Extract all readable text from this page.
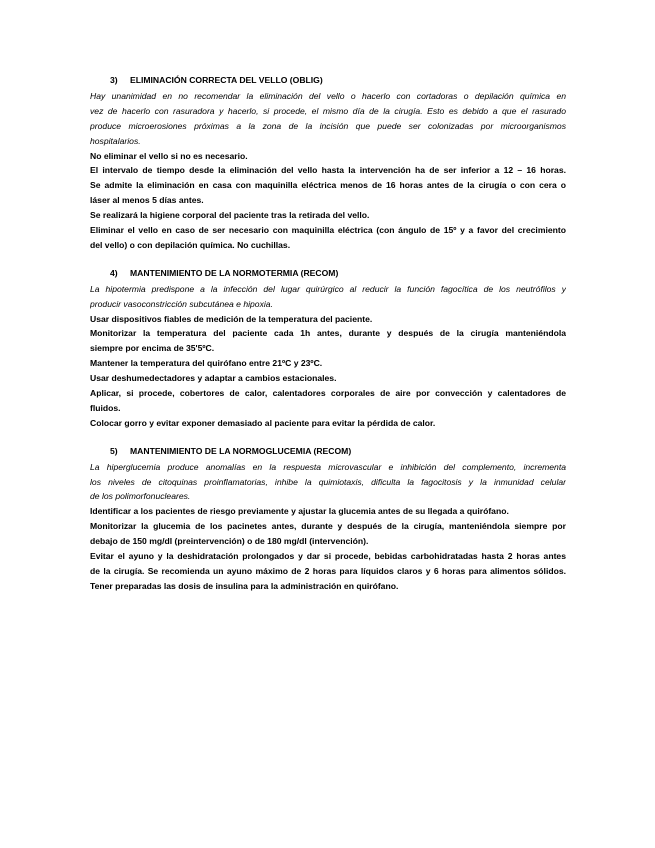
3) ELIMINACIÓN CORRECTA DEL VELLO (OBLIG)
Hay unanimidad en no recomendar la eliminación del vello o hacerlo con cortadoras o depilación química en
vez de hacerlo con rasuradora y hacerlo, si procede, el mismo día de la cirugía. Esto es debido a que el rasurado
produce microerosiones próximas a la zona de la incisión que puede ser colonizadas por microorganismos
hospitalarios.
No eliminar el vello si no es necesario.
El intervalo de tiempo desde la eliminación del vello hasta la intervención ha de ser inferior a 12 – 16 horas.
Se admite la eliminación en casa con maquinilla eléctrica menos de 16 horas antes de la cirugía o con cera o
láser al menos 5 días antes.
Se realizará la higiene corporal del paciente tras la retirada del vello.
Eliminar el vello en caso de ser necesario con maquinilla eléctrica (con ángulo de 15º y a favor del crecimiento
del vello) o con depilación química. No cuchillas.
4) MANTENIMIENTO DE LA NORMOTERMIA (RECOM)
La hipotermia predispone a la infección del lugar quirúrgico al reducir la función fagocítica de los neutrófilos y
producir vasoconstricción subcutánea e hipoxia.
Usar dispositivos fiables de medición de la temperatura del paciente.
Monitorizar la temperatura del paciente cada 1h antes, durante y después de la cirugía manteniéndola
siempre por encima de 35'5ºC.
Mantener la temperatura del quirófano entre 21ºC y 23ºC.
Usar deshumedectadores y adaptar a cambios estacionales.
Aplicar, si procede, cobertores de calor, calentadores corporales de aire por convección y calentadores de
fluidos.
Colocar gorro y evitar exponer demasiado al paciente para evitar la pérdida de calor.
5) MANTENIMIENTO DE LA NORMOGLUCEMIA (RECOM)
La hiperglucemia produce anomalías en la respuesta microvascular e inhibición del complemento, incrementa
los niveles de citoquinas proinflamatorias, inhibe la quimiotaxis, dificulta la fagocitosis y la inmunidad celular
de los polimorfonucleares.
Identificar a los pacientes de riesgo previamente y ajustar la glucemia antes de su llegada a quirófano.
Monitorizar la glucemia de los pacinetes antes, durante y después de la cirugía, manteniéndola siempre por
debajo de 150 mg/dl (preintervención) o de 180 mg/dl (intervención).
Evitar el ayuno y la deshidratación prolongados y dar si procede, bebidas carbohidratadas hasta 2 horas antes
de la cirugía. Se recomienda un ayuno máximo de 2 horas para líquidos claros y 6 horas para alimentos sólidos.
Tener preparadas las dosis de insulina para la administración en quirófano.
